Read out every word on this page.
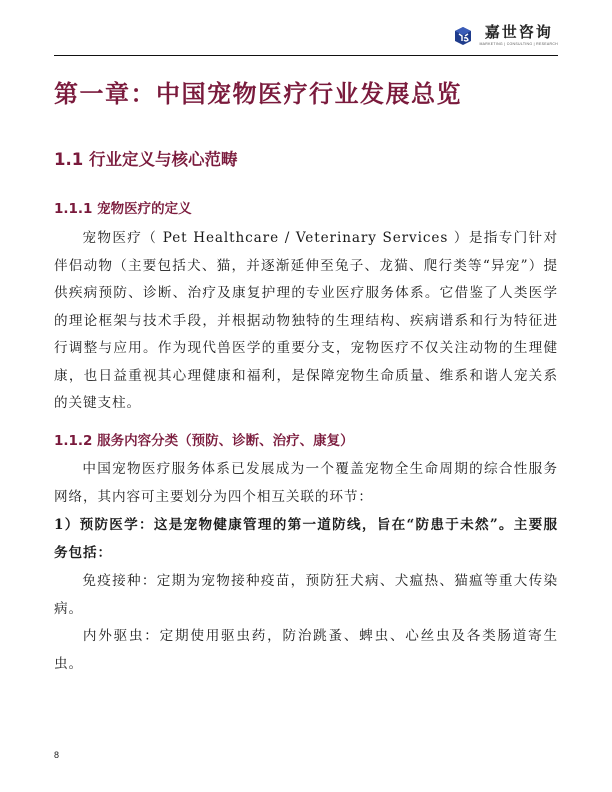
嘉世咨询
MARKETING | CONSULTING | RESEARCH
第一章：中国宠物医疗行业发展总览
1.1 行业定义与核心范畴
1.1.1 宠物医疗的定义

宠物医疗（ Pet Healthcare / Veterinary Services ）是指专门针对伴侣动物（主要包括犬、猫，并逐渐延伸至兔子、龙猫、爬行类等“异宠”）提供疾病预防、诊断、治疗及康复护理的专业医疗服务体系。它借鉴了人类医学的理论框架与技术手段，并根据动物独特的生理结构、疾病谱系和行为特征进行调整与应用。作为现代兽医学的重要分支，宠物医疗不仅关注动物的生理健康，也日益重视其心理健康和福利，是保障宠物生命质量、维系和谐人宠关系的关键支柱。

1.1.2 服务内容分类（预防、诊断、治疗、康复）

中国宠物医疗服务体系已发展成为一个覆盖宠物全生命周期的综合性服务网络，其内容可主要划分为四个相互关联的环节：

1）预防医学：这是宠物健康管理的第一道防线，旨在“防患于未然”。主要服务包括：

免疫接种：定期为宠物接种疫苗，预防狂犬病、犬瘟热、猫瘟等重大传染病。

内外驱虫：定期使用驱虫药，防治跳蚤、蜱虫、心丝虫及各类肠道寄生虫。

8
